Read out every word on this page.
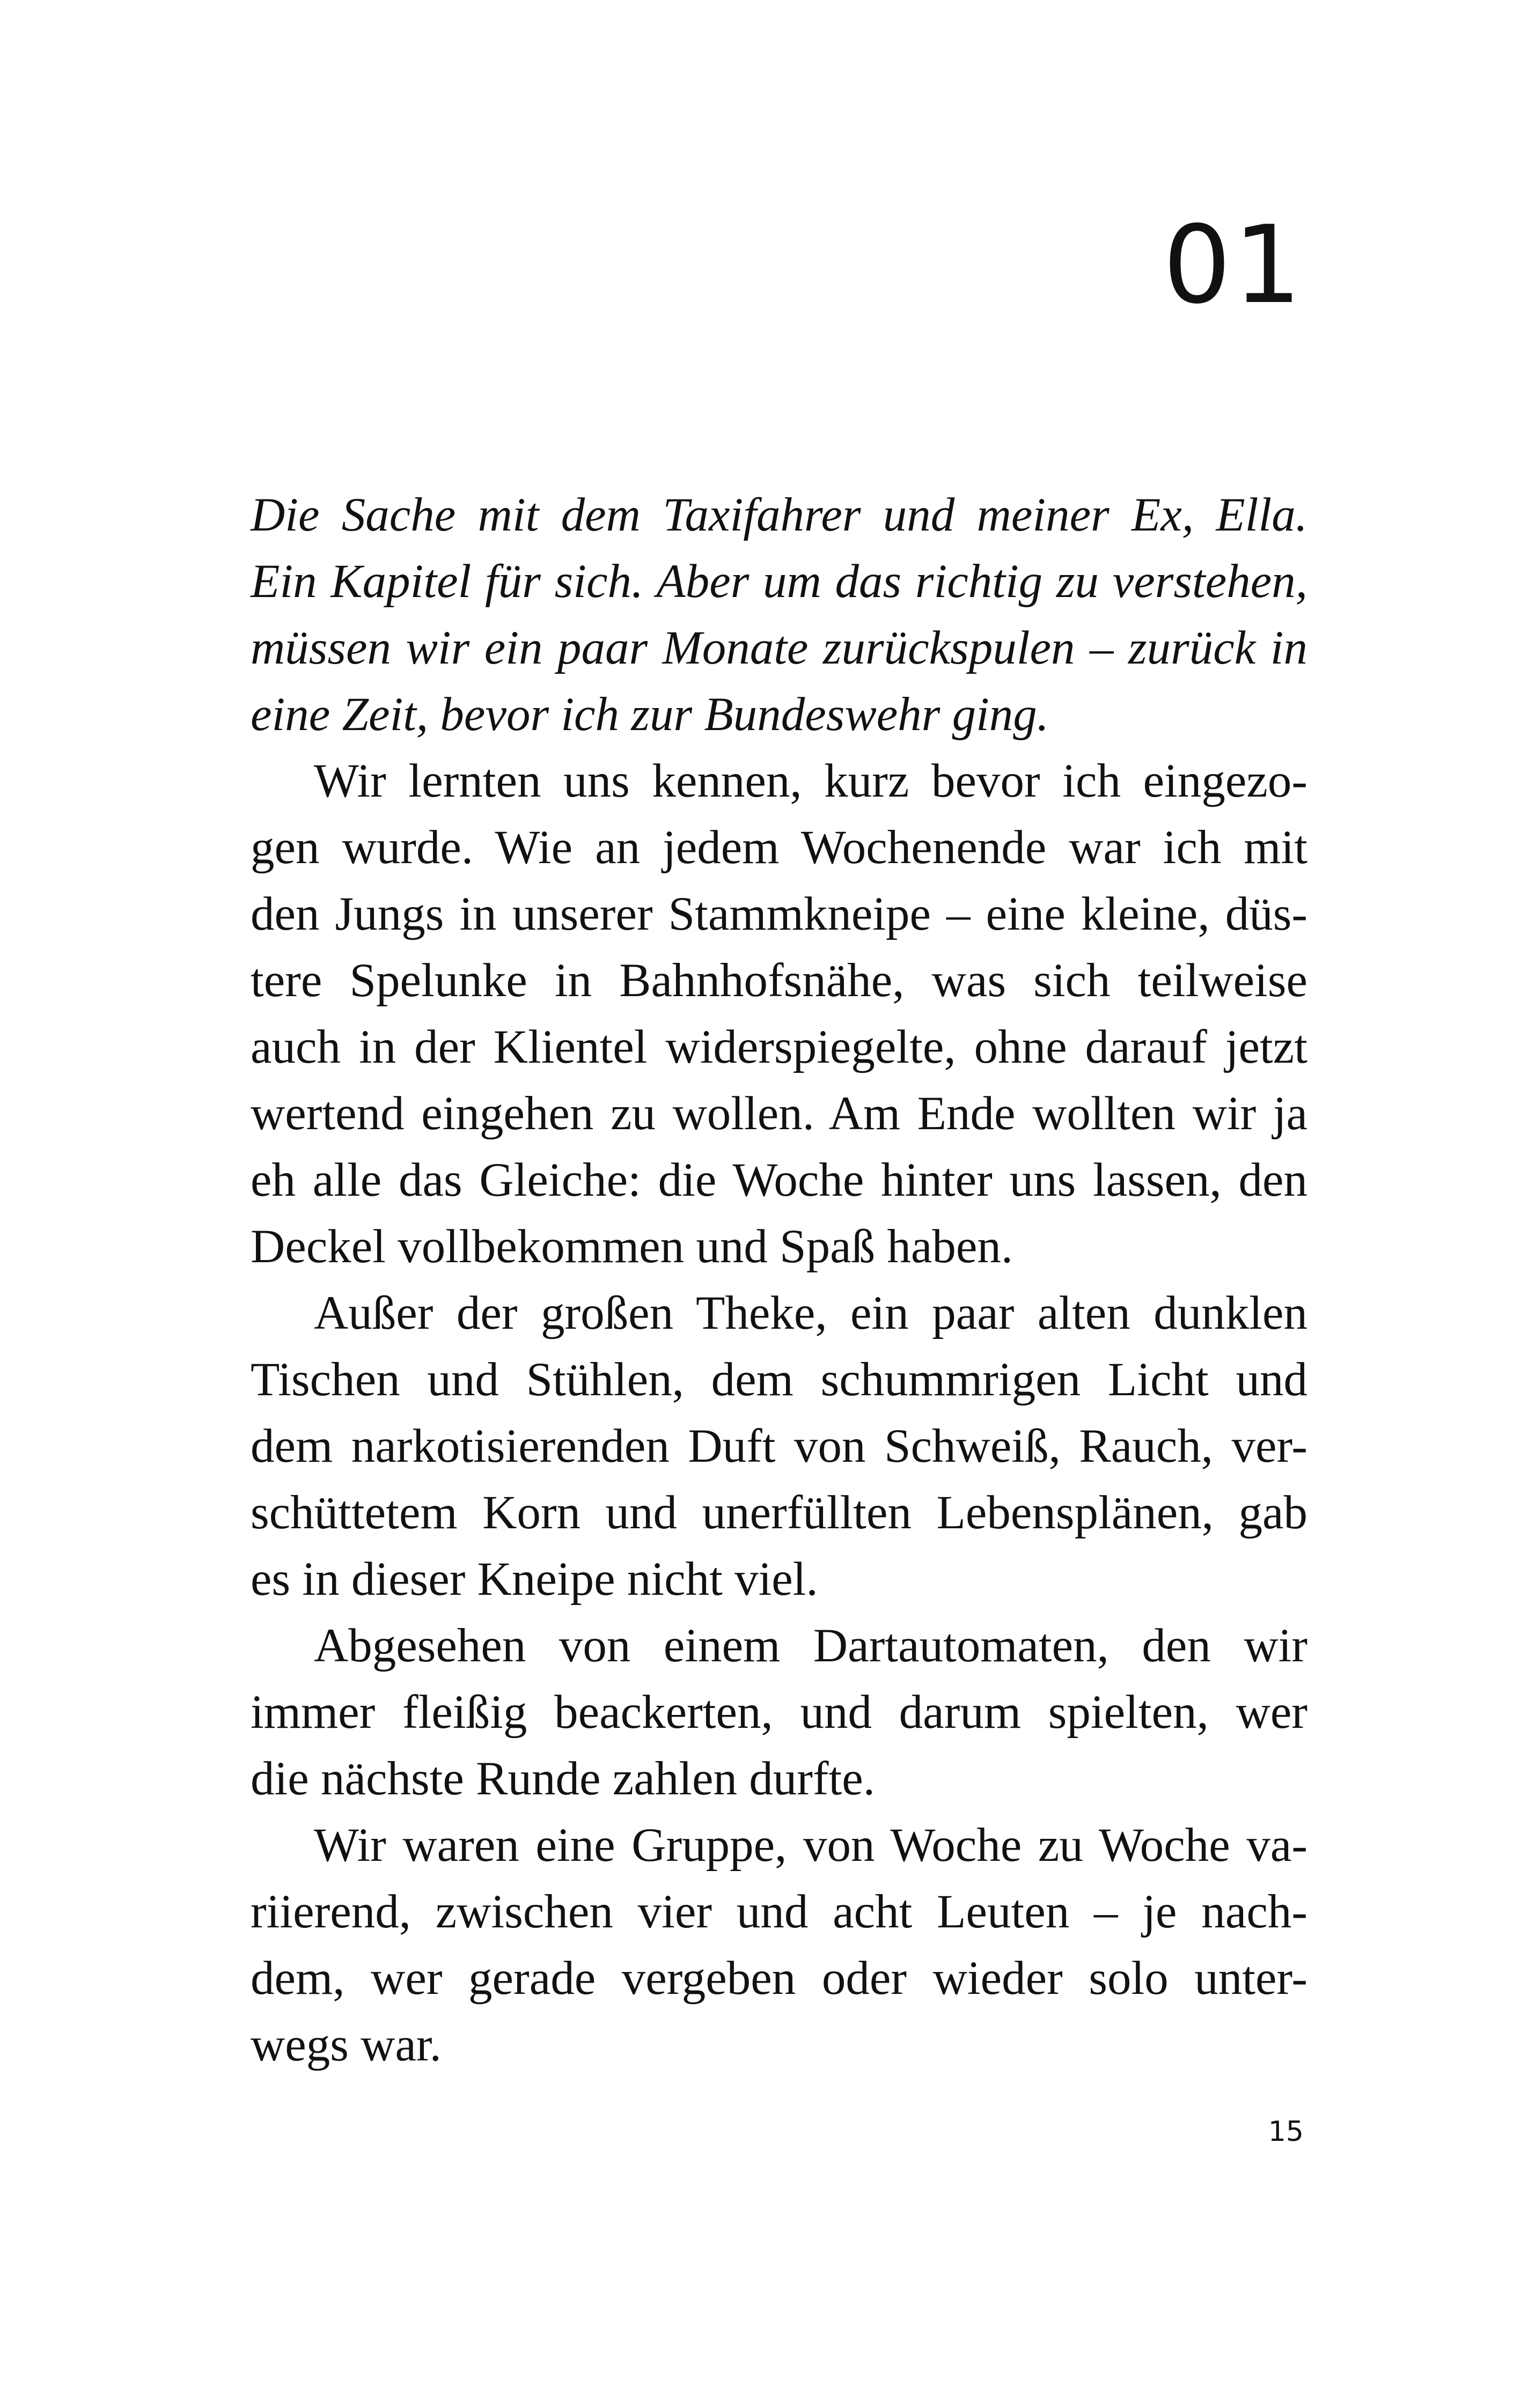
01
Die Sache mit dem Taxifahrer und meiner Ex, Ella.
Ein Kapitel für sich. Aber um das richtig zu verstehen,
müssen wir ein paar Monate zurückspulen – zurück in
eine Zeit, bevor ich zur Bundeswehr ging.
Wir lernten uns kennen, kurz bevor ich eingezo-
gen wurde. Wie an jedem Wochenende war ich mit
den Jungs in unserer Stammkneipe – eine kleine, düs-
tere Spelunke in Bahnhofsnähe, was sich teilweise
auch in der Klientel widerspiegelte, ohne darauf jetzt
wertend eingehen zu wollen. Am Ende wollten wir ja
eh alle das Gleiche: die Woche hinter uns lassen, den
Deckel vollbekommen und Spaß haben.
Außer der großen Theke, ein paar alten dunklen
Tischen und Stühlen, dem schummrigen Licht und
dem narkotisierenden Duft von Schweiß, Rauch, ver-
schüttetem Korn und unerfüllten Lebensplänen, gab
es in dieser Kneipe nicht viel.
Abgesehen von einem Dartautomaten, den wir
immer fleißig beackerten, und darum spielten, wer
die nächste Runde zahlen durfte.
Wir waren eine Gruppe, von Woche zu Woche va-
riierend, zwischen vier und acht Leuten – je nach-
dem, wer gerade vergeben oder wieder solo unter-
wegs war.
15
